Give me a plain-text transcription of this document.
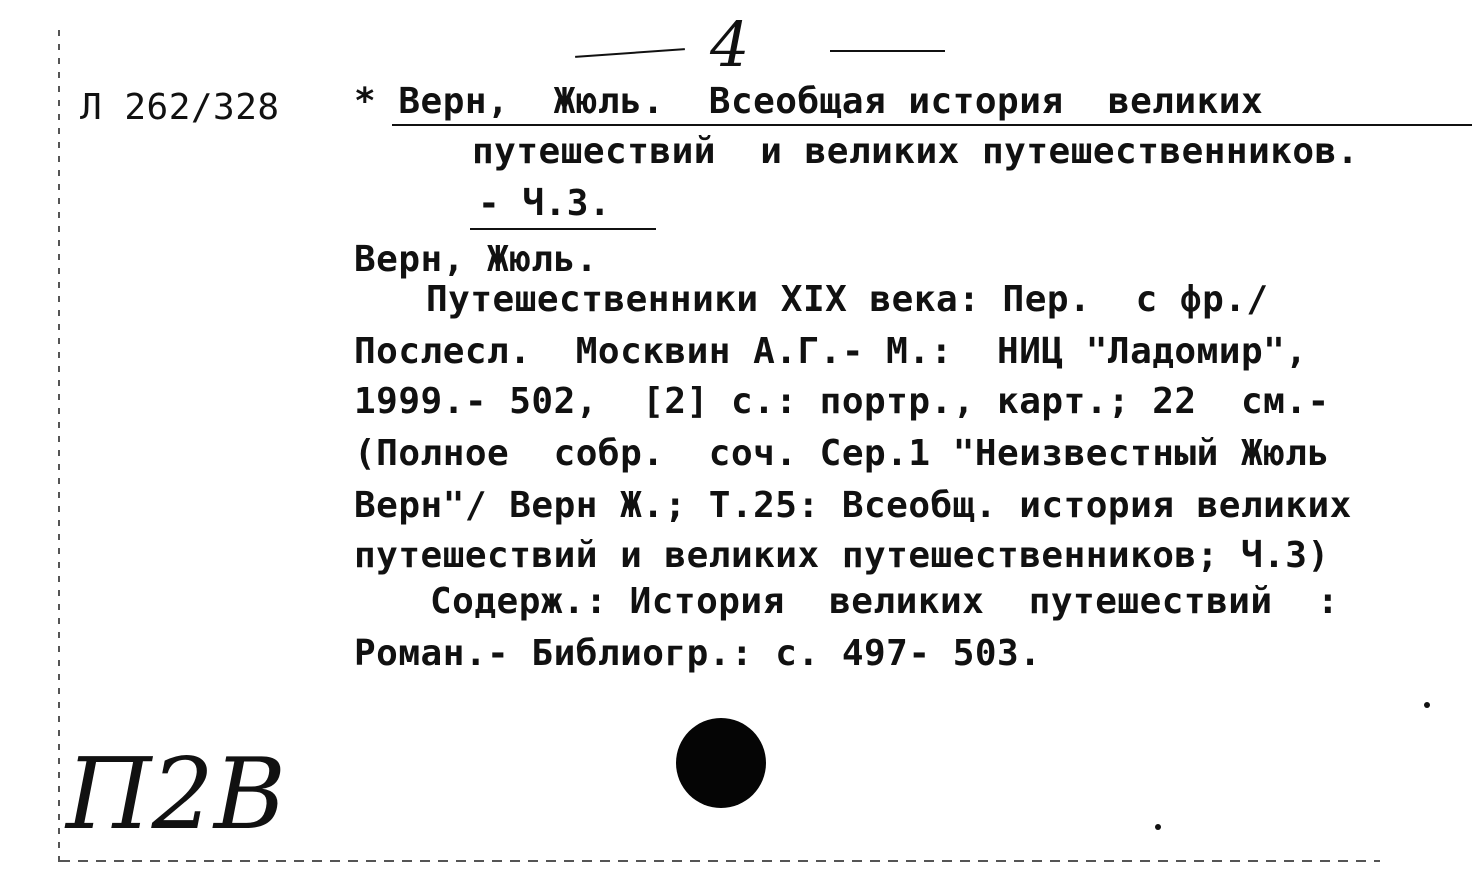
4
Л 262/328 * Верн,  Жюль.  Всеобщая история  великих
путешествий  и великих путешественников.
- Ч.3.
Верн, Жюль.
Путешественники XIX века: Пер.  с фр./
Послесл.  Москвин А.Г.- М.:  НИЦ "Ладомир",
1999.- 502,  [2] с.: портр., карт.; 22  см.-
(Полное  собр.  соч. Сер.1 "Неизвестный Жюль
Верн"/ Верн Ж.; Т.25: Всеобщ. история великих
путешествий и великих путешественников; Ч.3)
Содерж.: История  великих  путешествий  :
Роман.- Библиогр.: с. 497- 503.
П2В
